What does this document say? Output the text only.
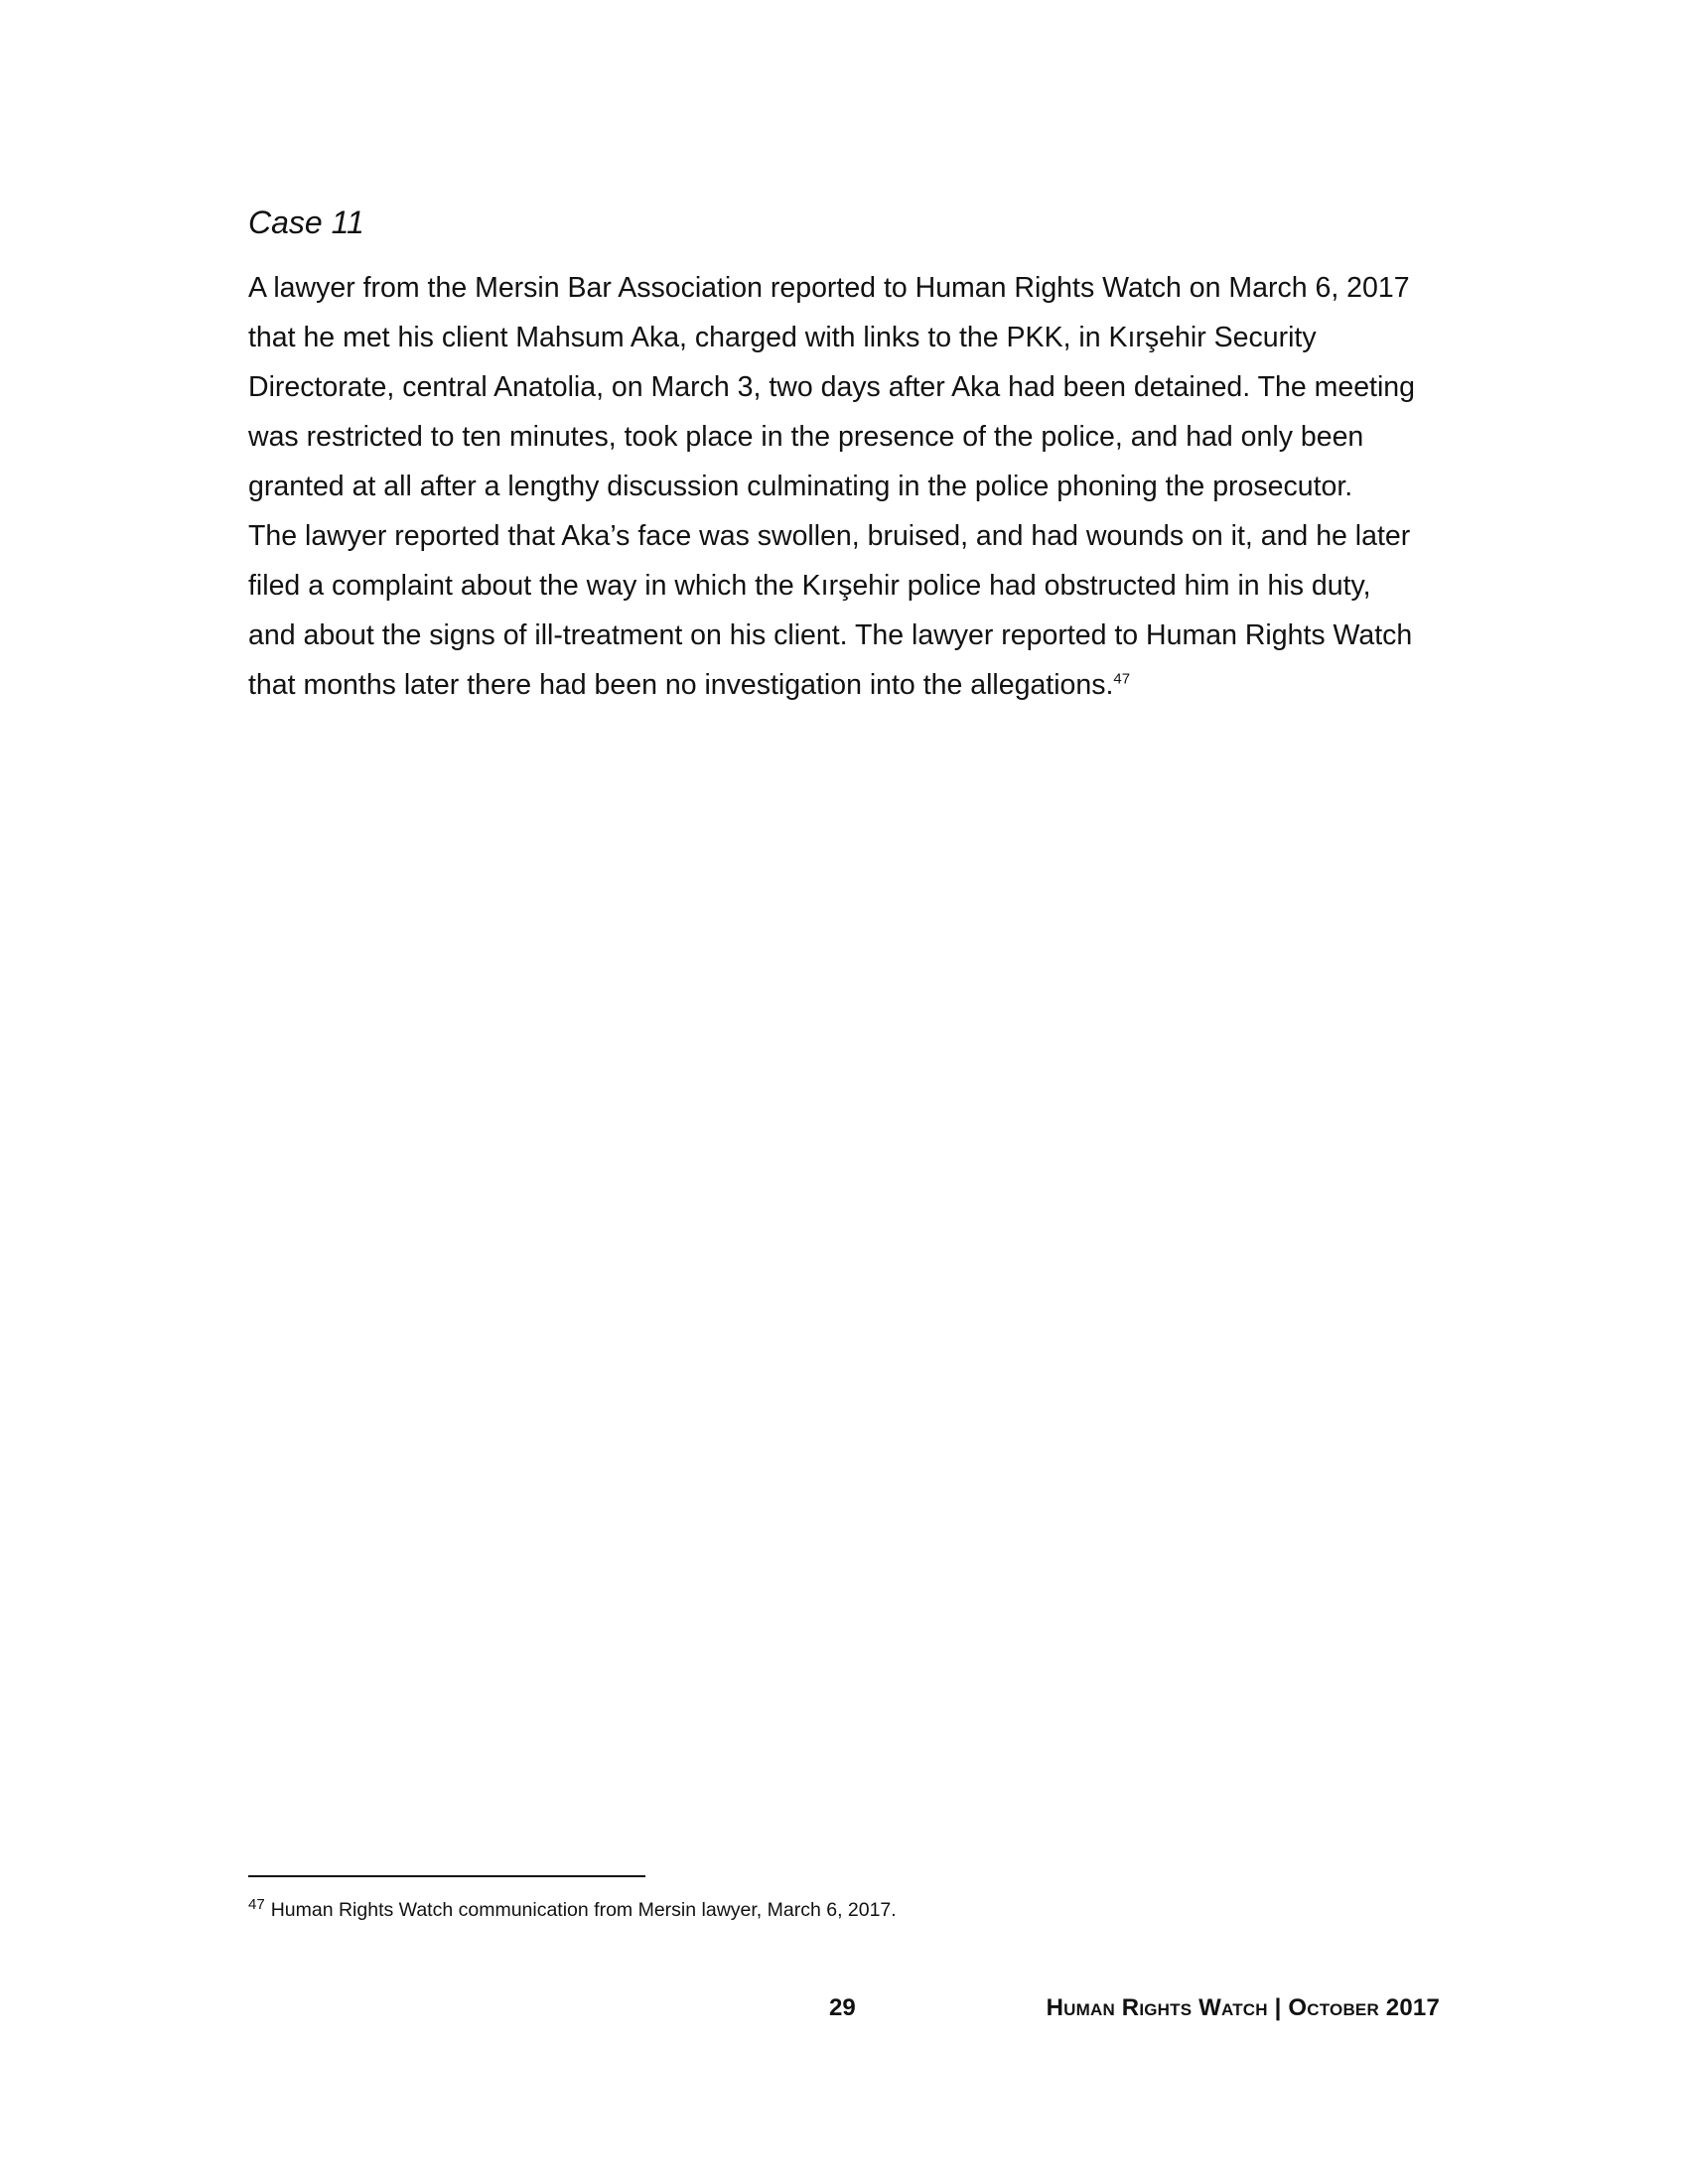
Case 11

A lawyer from the Mersin Bar Association reported to Human Rights Watch on March 6, 2017
that he met his client Mahsum Aka, charged with links to the PKK, in Kırşehir Security
Directorate, central Anatolia, on March 3, two days after Aka had been detained. The meeting
was restricted to ten minutes, took place in the presence of the police, and had only been
granted at all after a lengthy discussion culminating in the police phoning the prosecutor.
The lawyer reported that Aka’s face was swollen, bruised, and had wounds on it, and he later
filed a complaint about the way in which the Kırşehir police had obstructed him in his duty,
and about the signs of ill-treatment on his client. The lawyer reported to Human Rights Watch
that months later there had been no investigation into the allegations.$^{47}$

$^{47}$ Human Rights Watch communication from Mersin lawyer, March 6, 2017.

29	Human Rights Watch | October 2017
